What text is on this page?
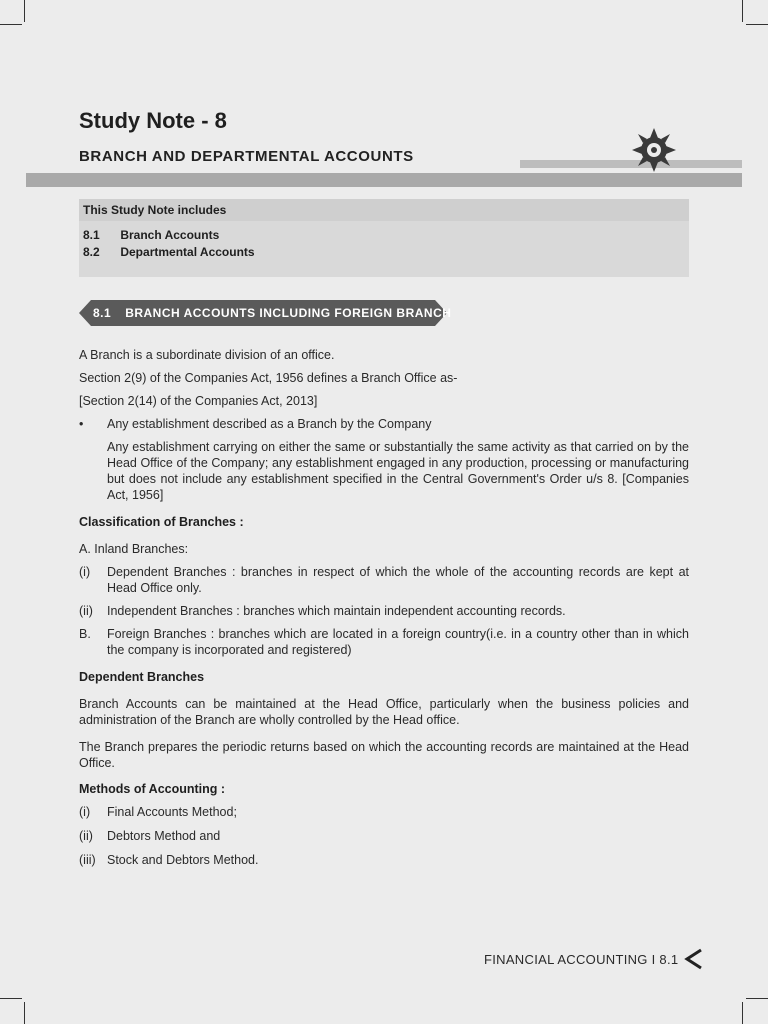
Study Note - 8
BRANCH AND DEPARTMENTAL ACCOUNTS
This Study Note includes
8.1 Branch Accounts
8.2 Departmental Accounts
8.1 BRANCH ACCOUNTS INCLUDING FOREIGN BRANCH

A Branch is a subordinate division of an office.

Section 2(9) of the Companies Act, 1956 defines a Branch Office as-

[Section 2(14) of the Companies Act, 2013]

• Any establishment described as a Branch by the Company
Any establishment carrying on either the same or substantially the same activity as that carried on by the Head Office of the Company; any establishment engaged in any production, processing or manufacturing but does not include any establishment specified in the Central Government's Order u/s 8. [Companies Act, 1956]

Classification of Branches :

A. Inland Branches:

(i) Dependent Branches : branches in respect of which the whole of the accounting records are kept at Head Office only.
(ii) Independent Branches : branches which maintain independent accounting records.
B. Foreign Branches : branches which are located in a foreign country(i.e. in a country other than in which the company is incorporated and registered)

Dependent Branches

Branch Accounts can be maintained at the Head Office, particularly when the business policies and administration of the Branch are wholly controlled by the Head office.

The Branch prepares the periodic returns based on which the accounting records are maintained at the Head Office.

Methods of Accounting :

(i) Final Accounts Method;
(ii) Debtors Method and
(iii) Stock and Debtors Method.
FINANCIAL ACCOUNTING I 8.1
